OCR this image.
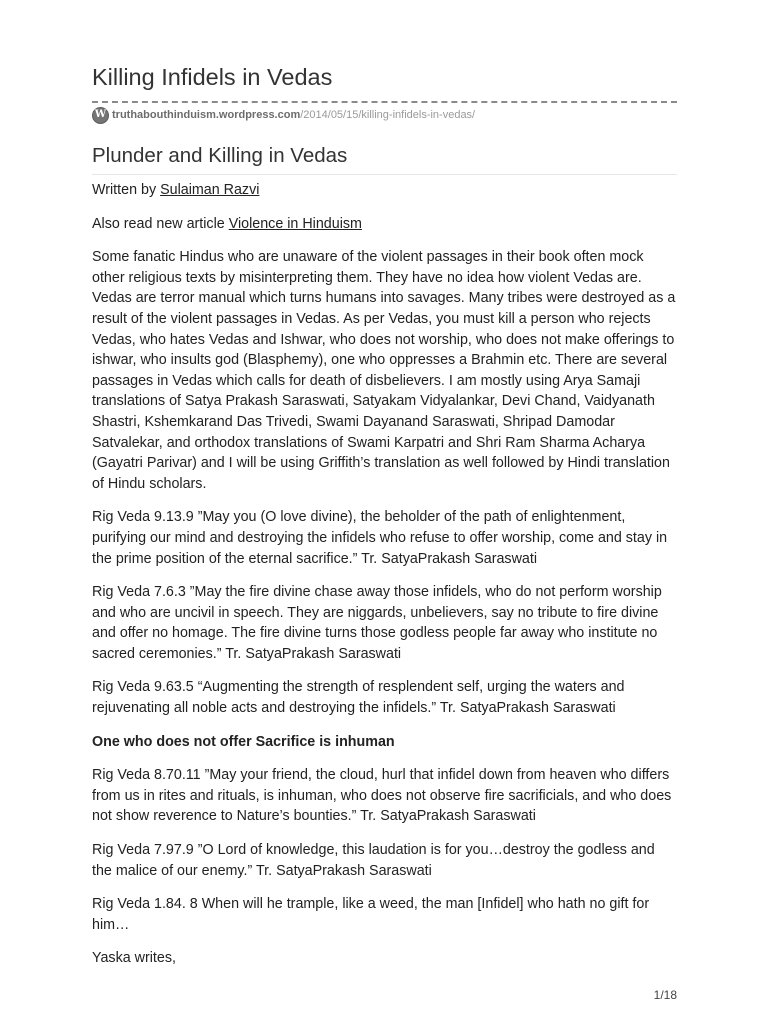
Killing Infidels in Vedas
W truthabouthinduism.wordpress.com /2014/05/15/killing-infidels-in-vedas/
Plunder and Killing in Vedas

Written by Sulaiman Razvi

Also read new article Violence in Hinduism

Some fanatic Hindus who are unaware of the violent passages in their book often mock other religious texts by misinterpreting them. They have no idea how violent Vedas are. Vedas are terror manual which turns humans into savages. Many tribes were destroyed as a result of the violent passages in Vedas. As per Vedas, you must kill a person who rejects Vedas, who hates Vedas and Ishwar, who does not worship, who does not make offerings to ishwar, who insults god (Blasphemy), one who oppresses a Brahmin etc. There are several passages in Vedas which calls for death of disbelievers. I am mostly using Arya Samaji translations of Satya Prakash Saraswati, Satyakam Vidyalankar, Devi Chand, Vaidyanath Shastri, Kshemkarand Das Trivedi, Swami Dayanand Saraswati, Shripad Damodar Satvalekar, and orthodox translations of Swami Karpatri and Shri Ram Sharma Acharya (Gayatri Parivar) and I will be using Griffith’s translation as well followed by Hindi translation of Hindu scholars.

Rig Veda 9.13.9 ”May you (O love divine), the beholder of the path of enlightenment, purifying our mind and destroying the infidels who refuse to offer worship, come and stay in the prime position of the eternal sacrifice.” Tr. SatyaPrakash Saraswati

Rig Veda 7.6.3 ”May the fire divine chase away those infidels, who do not perform worship and who are uncivil in speech. They are niggards, unbelievers, say no tribute to fire divine and offer no homage. The fire divine turns those godless people far away who institute no sacred ceremonies.” Tr. SatyaPrakash Saraswati

Rig Veda 9.63.5 “Augmenting the strength of resplendent self, urging the waters and rejuvenating all noble acts and destroying the infidels.” Tr. SatyaPrakash Saraswati

One who does not offer Sacrifice is inhuman

Rig Veda 8.70.11 ”May your friend, the cloud, hurl that infidel down from heaven who differs from us in rites and rituals, is inhuman, who does not observe fire sacrificials, and who does not show reverence to Nature’s bounties.” Tr. SatyaPrakash Saraswati

Rig Veda 7.97.9 ”O Lord of knowledge, this laudation is for you…destroy the godless and the malice of our enemy.” Tr. SatyaPrakash Saraswati

Rig Veda 1.84. 8 When will he trample, like a weed, the man [Infidel] who hath no gift for him…

Yaska writes,

1/18
